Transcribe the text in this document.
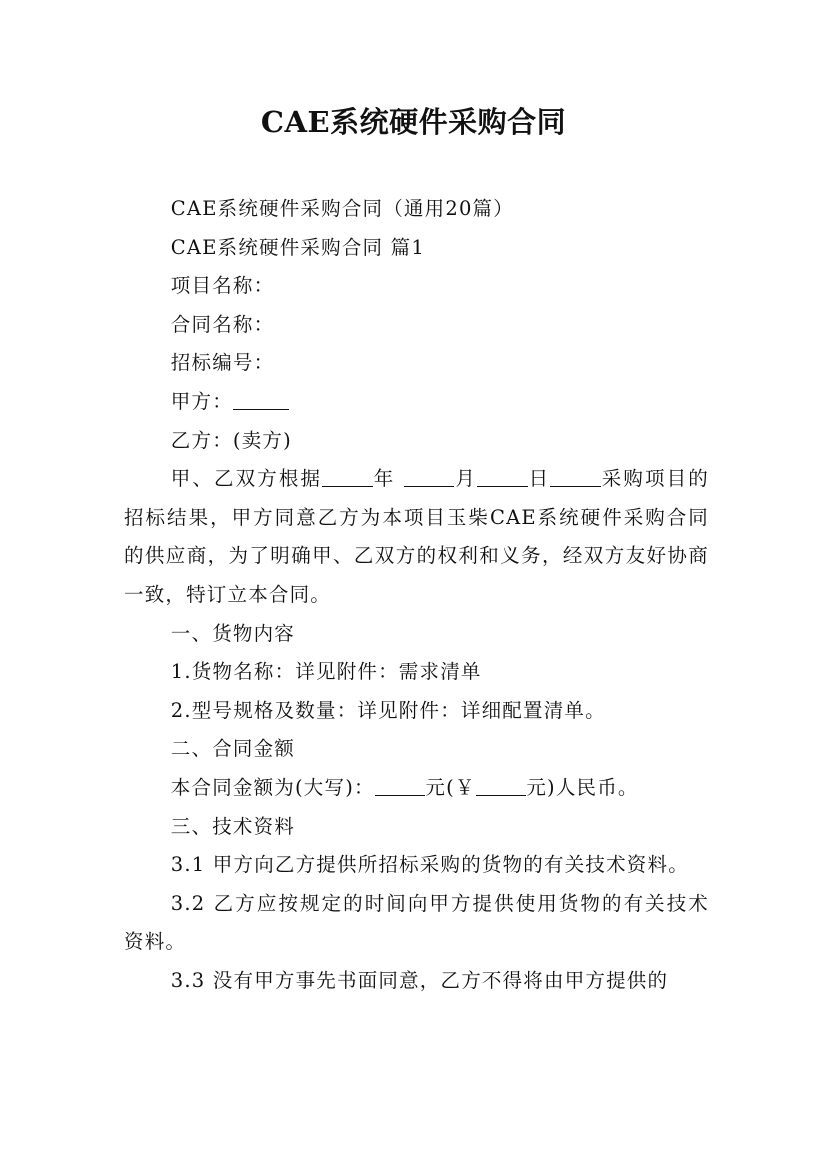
CAE系统硬件采购合同

CAE系统硬件采购合同（通用20篇）

CAE系统硬件采购合同 篇1

项目名称：

合同名称：

招标编号：

甲方：

乙方：(卖方)

甲、乙双方根据	年	月	日	采购项目的招标结果，甲方同意乙方为本项目玉柴CAE系统硬件采购合同的供应商，为了明确甲、乙双方的权利和义务，经双方友好协商一致，特订立本合同。

一、货物内容

1.货物名称：详见附件：需求清单

2.型号规格及数量：详见附件：详细配置清单。

二、合同金额

本合同金额为(大写)：	元(￥	元)人民币。

三、技术资料

3.1 甲方向乙方提供所招标采购的货物的有关技术资料。

3.2 乙方应按规定的时间向甲方提供使用货物的有关技术资料。

3.3 没有甲方事先书面同意，乙方不得将由甲方提供的
